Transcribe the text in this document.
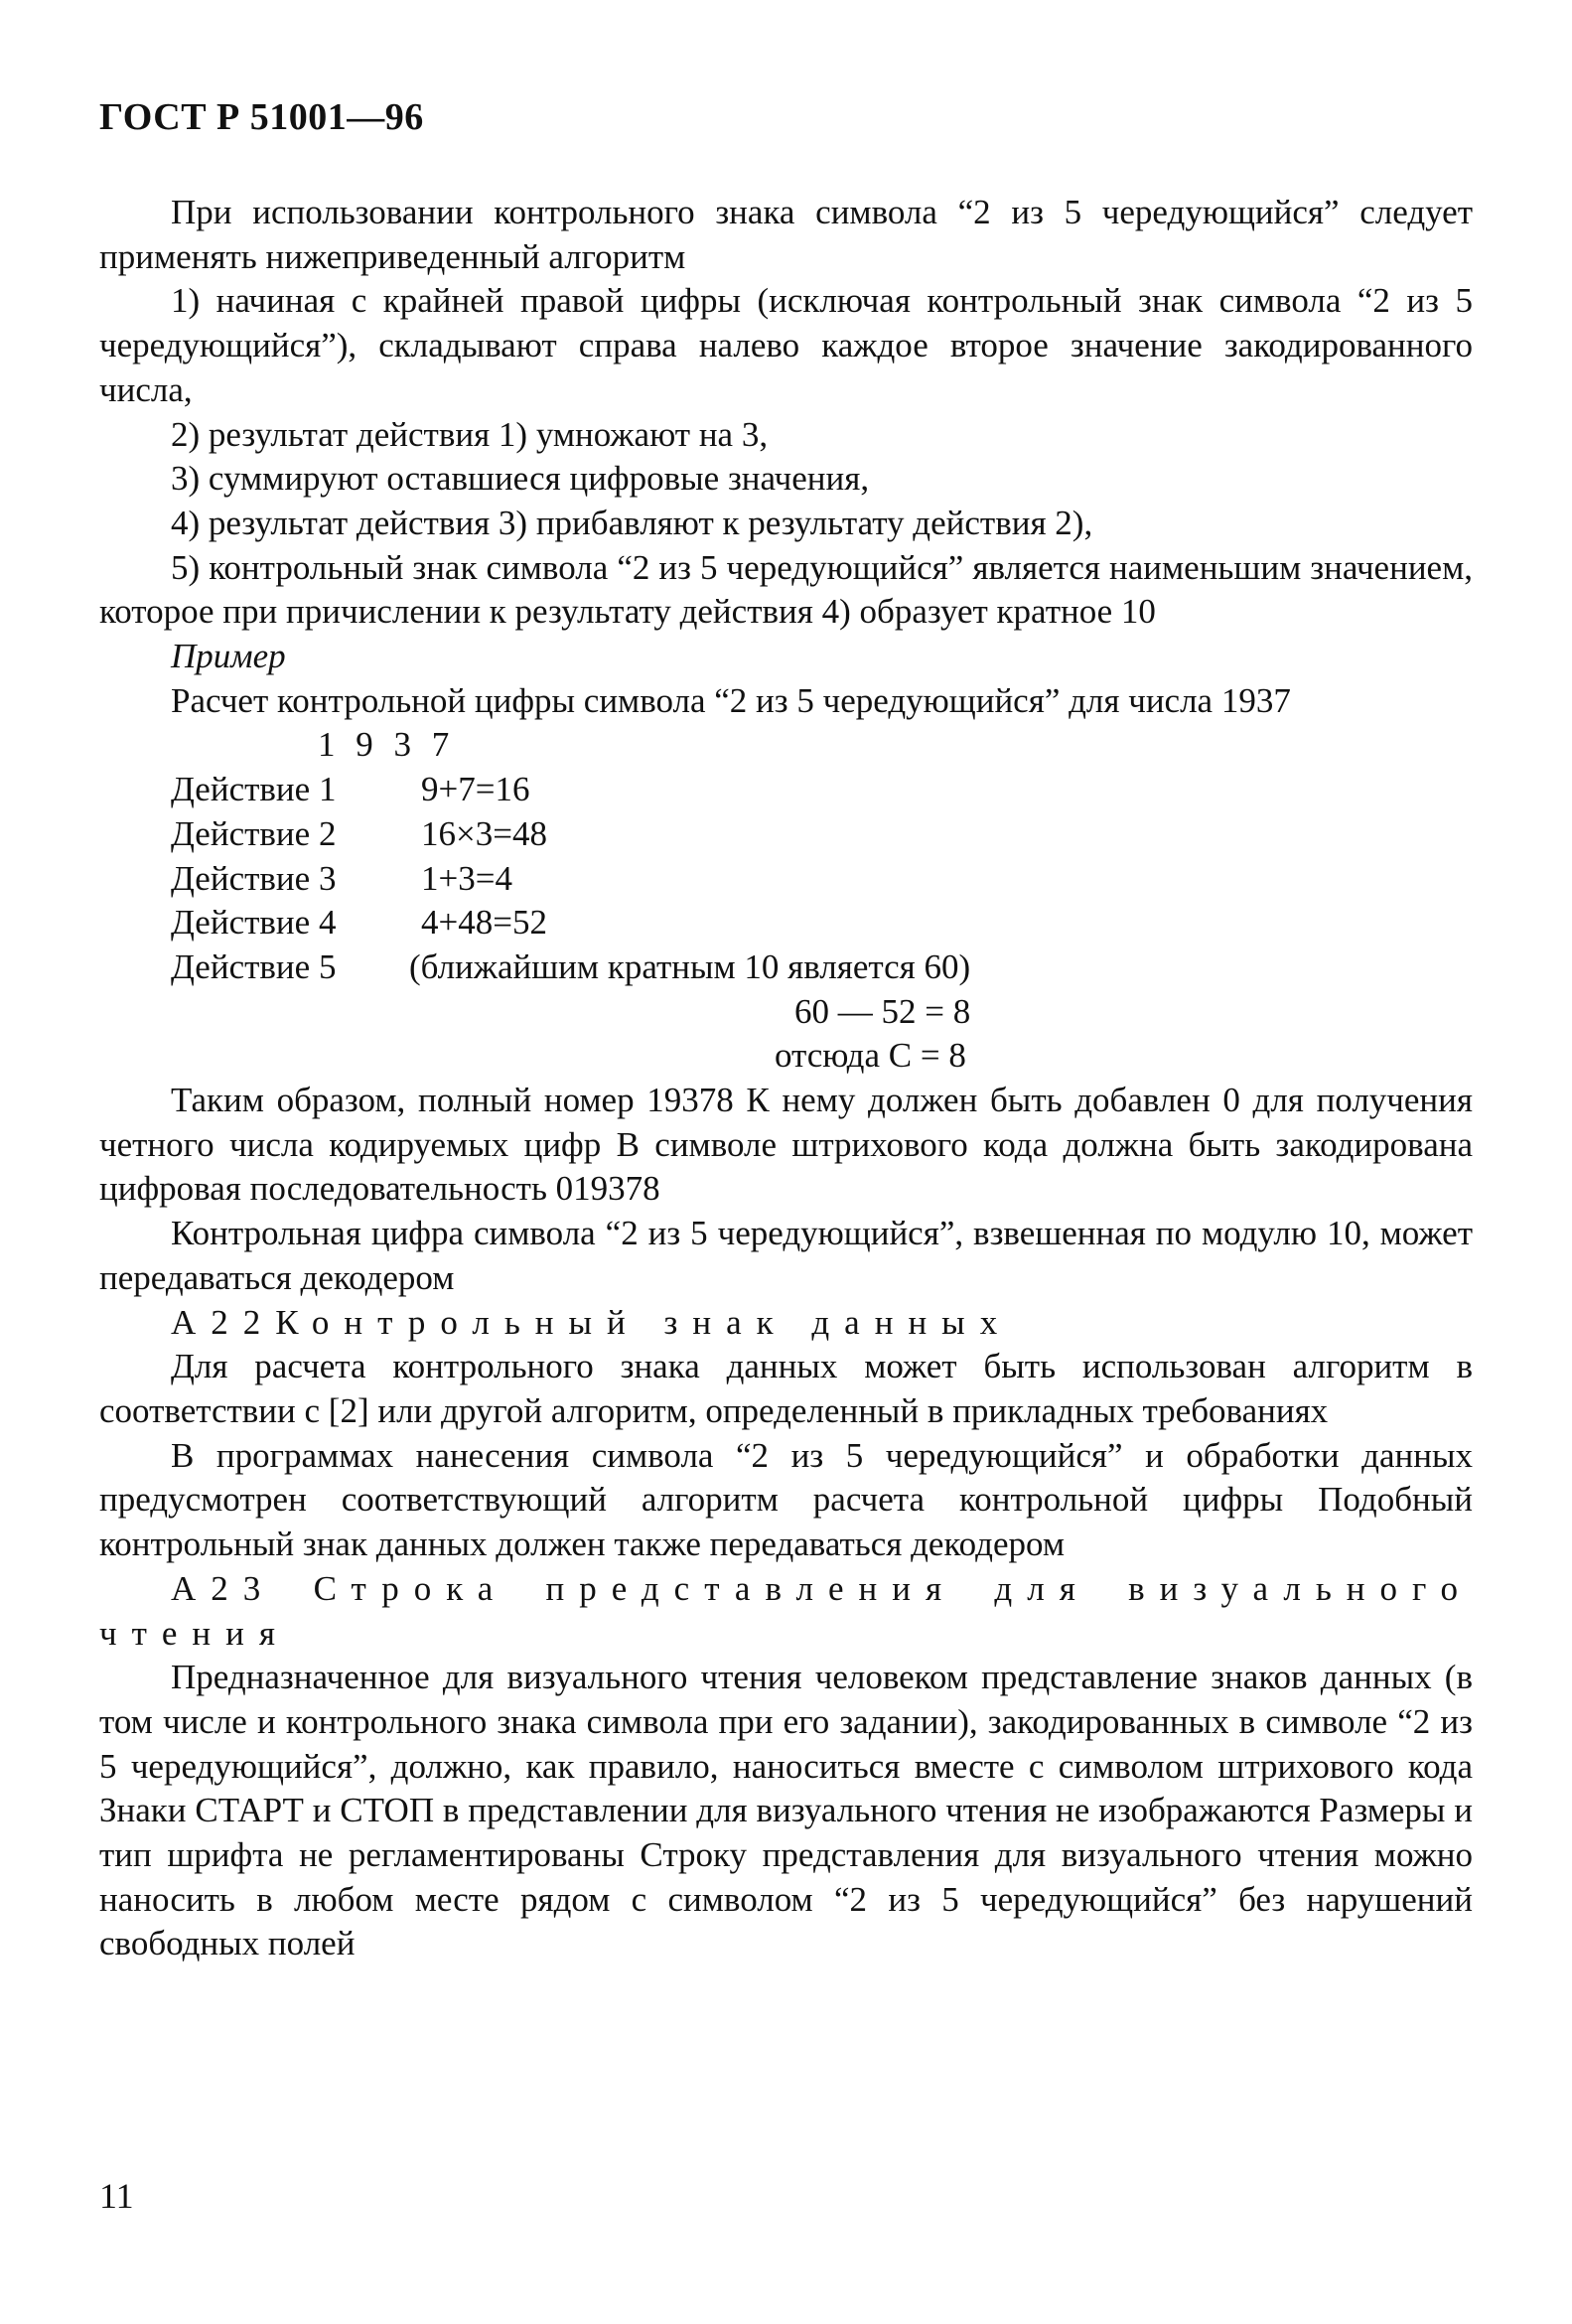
ГОСТ Р 51001—96

При использовании контрольного знака символа “2 из 5 чередующийся” следует применять нижеприведенный алгоритм

1) начиная с крайней правой цифры (исключая контрольный знак символа “2 из 5 чередующийся”), складывают справа налево каждое второе значение закодированного числа,

2) результат действия 1) умножают на 3,

3) суммируют оставшиеся цифровые значения,

4) результат действия 3) прибавляют к результату действия 2),

5) контрольный знак символа “2 из 5 чередующийся” является наименьшим значением, которое при причислении к результату действия 4) образует кратное 10

Пример

Расчет контрольной цифры символа “2 из 5 чередующийся” для числа 1937

1 9 3 7
Действие 1	9+7=16
Действие 2	16×3=48
Действие 3	1+3=4
Действие 4	4+48=52
Действие 5	(ближайшим кратным 10 является 60)
60 — 52 = 8
отсюда C = 8

Таким образом, полный номер 19378 К нему должен быть добавлен 0 для получения четного числа кодируемых цифр В символе штрихового кода должна быть закодирована цифровая последовательность 019378

Контрольная цифра символа “2 из 5 чередующийся”, взвешенная по модулю 10, может передаваться декодером

А22Контрольный знак данных

Для расчета контрольного знака данных может быть использован алгоритм в соответствии с [2] или другой алгоритм, определенный в прикладных требованиях

В программах нанесения символа “2 из 5 чередующийся” и обработки данных предусмотрен соответствующий алгоритм расчета контрольной цифры Подобный контрольный знак данных должен также передаваться декодером

А23 Строка представления для визуального

чтения

Предназначенное для визуального чтения человеком представление знаков данных (в том числе и контрольного знака символа при его задании), закодированных в символе “2 из 5 чередующийся”, должно, как правило, наноситься вместе с символом штрихового кода Знаки СТАРТ и СТОП в представлении для визуального чтения не изображаются Размеры и тип шрифта не регламентированы Строку представления для визуального чтения можно наносить в любом месте рядом с символом “2 из 5 чередующийся” без нарушений свободных полей

11
